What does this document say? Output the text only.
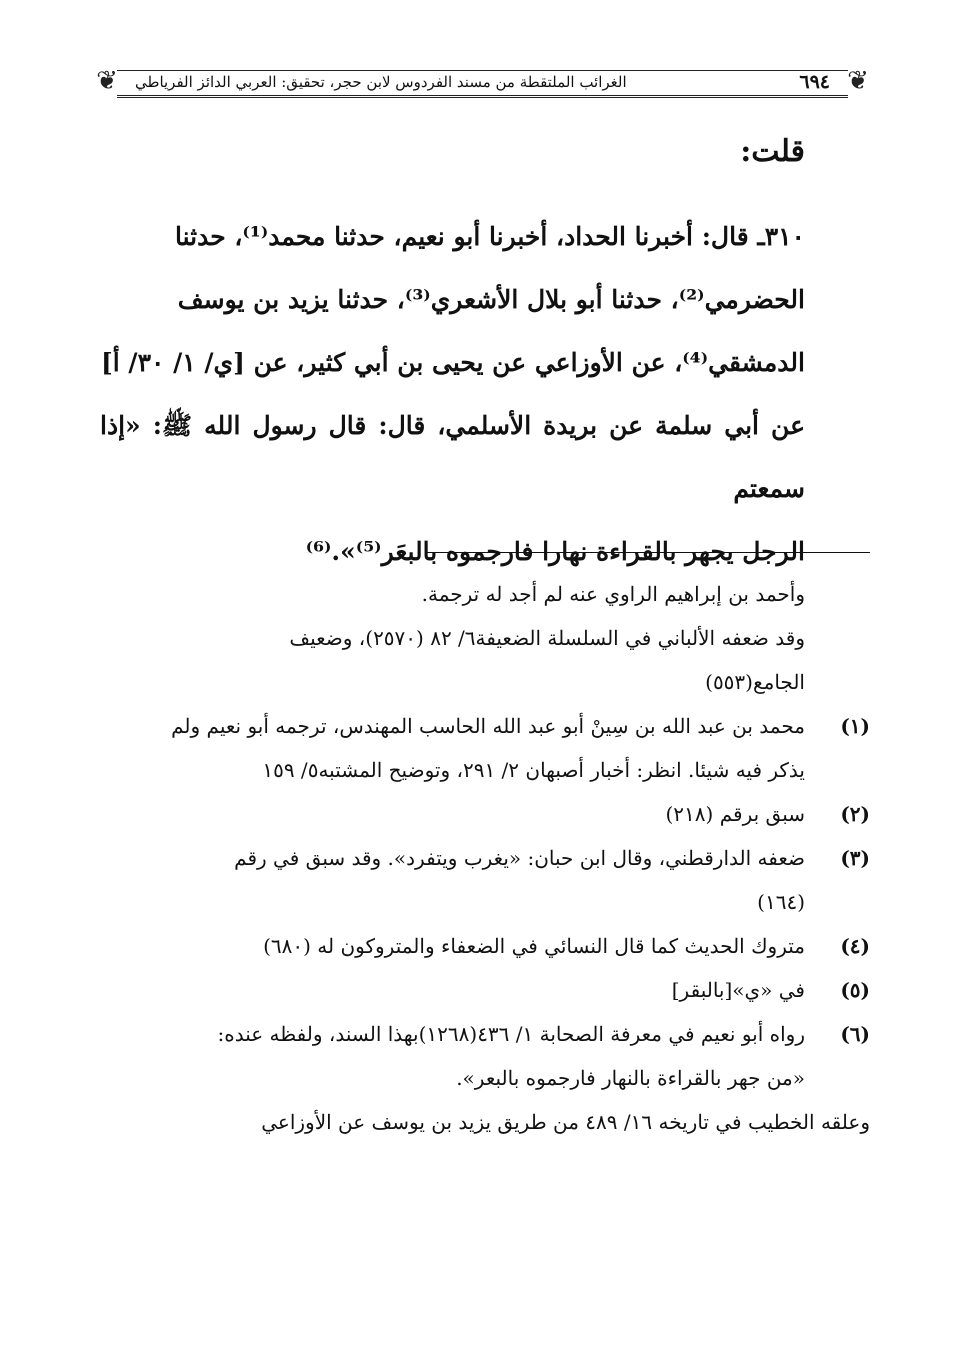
❦
❦	٦٩٤
الغرائب الملتقطة من مسند الفردوس لابن حجر، تحقيق: العربي الدائز الفرياطي
قلت:

٣١٠ـ قال: أخبرنا الحداد، أخبرنا أبو نعيم، حدثنا محمد⁽¹⁾، حدثنا

الحضرمي⁽²⁾، حدثنا أبو بلال الأشعري⁽³⁾، حدثنا يزيد بن يوسف

الدمشقي⁽⁴⁾، عن الأوزاعي عن يحيى بن أبي كثير، عن [ي/ ١/ ٣٠/ أ]

عن أبي سلمة عن بريدة الأسلمي، قال: قال رسول الله ﷺ: «إذا سمعتم

الرجل يجهر بالقراءة نهارا فارجموه بالبعَر⁽⁵⁾».⁽⁶⁾

وأحمد بن إبراهيم الراوي عنه لم أجد له ترجمة.

وقد ضعفه الألباني في السلسلة الضعيفة٦/ ٨٢ (٢٥٧٠)، وضعيف

الجامع(٥٥٣)

(١)
محمد بن عبد الله بن سِينْ أبو عبد الله الحاسب المهندس، ترجمه أبو نعيم ولم
يذكر فيه شيئا. انظر: أخبار أصبهان ٢/ ٢٩١، وتوضيح المشتبه٥/ ١٥٩
(٢)
سبق برقم (٢١٨)
(٣)
ضعفه الدارقطني، وقال ابن حبان: «يغرب ويتفرد». وقد سبق في رقم
(١٦٤)
(٤)
متروك الحديث كما قال النسائي في الضعفاء والمتروكون له (٦٨٠)
(٥)
في «ي»[بالبقر]
(٦)
رواه أبو نعيم في معرفة الصحابة ١/ ٤٣٦(١٢٦٨)بهذا السند، ولفظه عنده:
«من جهر بالقراءة بالنهار فارجموه بالبعر».

وعلقه الخطيب في تاريخه ١٦/ ٤٨٩ من طريق يزيد بن يوسف عن الأوزاعي
